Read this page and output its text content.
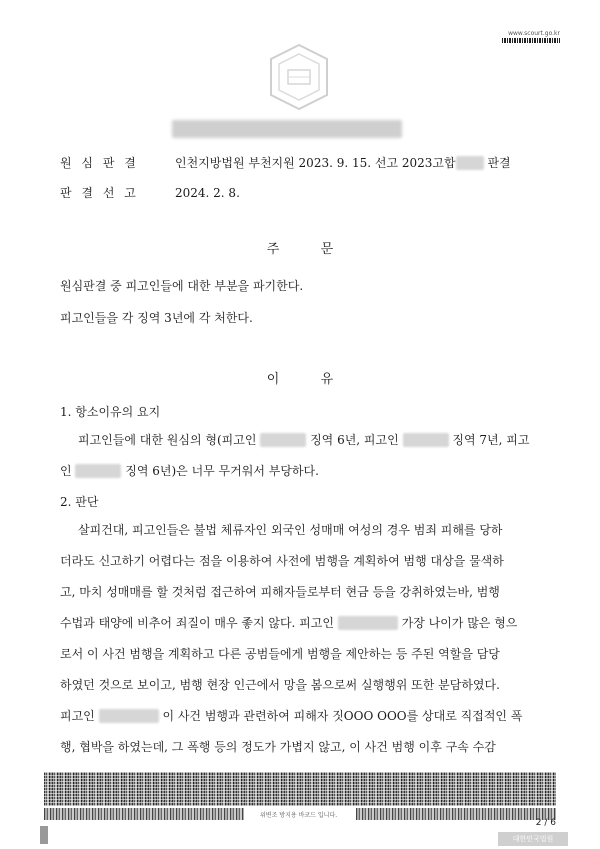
www.scourt.go.kr
원 심 판 결	인천지방법원 부천지원 2023. 9. 15. 선고 2023고합	판결
판 결 선 고	2024. 2. 8.
주          문
원심판결 중 피고인들에 대한 부분을 파기한다.
피고인들을 각 징역 3년에 각 처한다.
이          유
1. 항소이유의 요지
피고인들에 대한 원심의 형(피고인	징역 6년, 피고인	징역 7년, 피고
인	징역 6년)은 너무 무거워서 부당하다.
2. 판단
살피건대, 피고인들은 불법 체류자인 외국인 성매매 여성의 경우 범죄 피해를 당하
더라도 신고하기 어렵다는 점을 이용하여 사전에 범행을 계획하여 범행 대상을 물색하
고, 마치 성매매를 할 것처럼 접근하여 피해자들로부터 현금 등을 강취하였는바, 범행
수법과 태양에 비추어 죄질이 매우 좋지 않다. 피고인	가장 나이가 많은 형으
로서 이 사건 범행을 계획하고 다른 공범들에게 범행을 제안하는 등 주된 역할을 담당
하였던 것으로 보이고, 범행 현장 인근에서 망을 봄으로써 실행행위 또한 분담하였다.
피고인	이 사건 범행과 관련하여 피해자 짓OOO OOO를 상대로 직접적인 폭
행, 협박을 하였는데, 그 폭행 등의 정도가 가볍지 않고, 이 사건 범행 이후 구속 수감
위변조 방지용 바코드 입니다.
2 / 6
대한민국법원
